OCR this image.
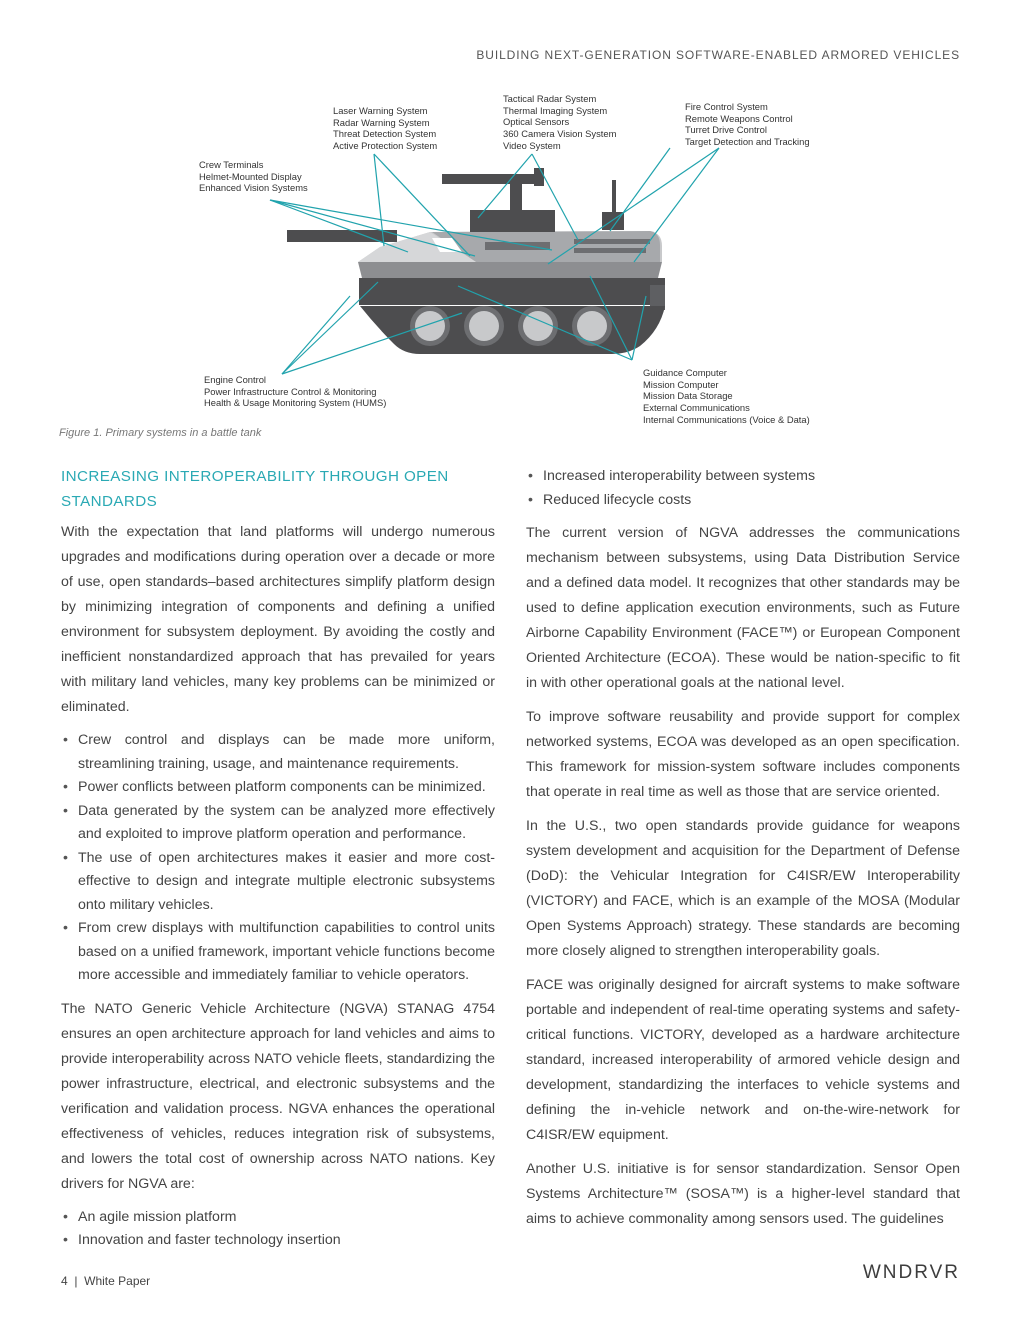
BUILDING NEXT-GENERATION SOFTWARE-ENABLED ARMORED VEHICLES
Tactical Radar System
Thermal Imaging System
Optical Sensors
360 Camera Vision System
Video System
Laser Warning System
Radar Warning System
Threat Detection System
Active Protection System
Fire Control System
Remote Weapons Control
Turret Drive Control
Target Detection and Tracking
Crew Terminals
Helmet-Mounted Display
Enhanced Vision Systems
Engine Control
Power Infrastructure Control & Monitoring
Health & Usage Monitoring System (HUMS)
Guidance Computer
Mission Computer
Mission Data Storage
External Communications
Internal Communications (Voice & Data)
Figure 1. Primary systems in a battle tank
INCREASING INTEROPERABILITY THROUGH OPEN STANDARDS

With the expectation that land platforms will undergo numerous upgrades and modifications during operation over a decade or more of use, open standards–based architectures simplify platform design by minimizing integration of components and defining a unified environment for subsystem deployment. By avoiding the costly and inefficient nonstandardized approach that has prevailed for years with military land vehicles, many key problems can be minimized or eliminated.

• Crew control and displays can be made more uniform, streamlining training, usage, and maintenance requirements.
• Power conflicts between platform components can be minimized.
• Data generated by the system can be analyzed more effectively and exploited to improve platform operation and performance.
• The use of open architectures makes it easier and more cost-effective to design and integrate multiple electronic subsystems onto military vehicles.
• From crew displays with multifunction capabilities to control units based on a unified framework, important vehicle functions become more accessible and immediately familiar to vehicle operators.

The NATO Generic Vehicle Architecture (NGVA) STANAG 4754 ensures an open architecture approach for land vehicles and aims to provide interoperability across NATO vehicle fleets, standardizing the power infrastructure, electrical, and electronic subsystems and the verification and validation process. NGVA enhances the operational effectiveness of vehicles, reduces integration risk of subsystems, and lowers the total cost of ownership across NATO nations. Key drivers for NGVA are:

• An agile mission platform
• Innovation and faster technology insertion
• Increased interoperability between systems
• Reduced lifecycle costs

The current version of NGVA addresses the communications mechanism between subsystems, using Data Distribution Service and a defined data model. It recognizes that other standards may be used to define application execution environments, such as Future Airborne Capability Environment (FACE™) or European Component Oriented Architecture (ECOA). These would be nation-specific to fit in with other operational goals at the national level.

To improve software reusability and provide support for complex networked systems, ECOA was developed as an open specification. This framework for mission-system software includes components that operate in real time as well as those that are service oriented.

In the U.S., two open standards provide guidance for weapons system development and acquisition for the Department of Defense (DoD): the Vehicular Integration for C4ISR/EW Interoperability (VICTORY) and FACE, which is an example of the MOSA (Modular Open Systems Approach) strategy. These standards are becoming more closely aligned to strengthen interoperability goals.

FACE was originally designed for aircraft systems to make software portable and independent of real-time operating systems and safety-critical functions. VICTORY, developed as a hardware architecture standard, increased interoperability of armored vehicle design and development, standardizing the interfaces to vehicle systems and defining the in-vehicle network and on-the-wire-network for C4ISR/EW equipment.

Another U.S. initiative is for sensor standardization. Sensor Open Systems Architecture™ (SOSA™) is a higher-level standard that aims to achieve commonality among sensors used. The guidelines

4  |  White Paper	WNDRVR
